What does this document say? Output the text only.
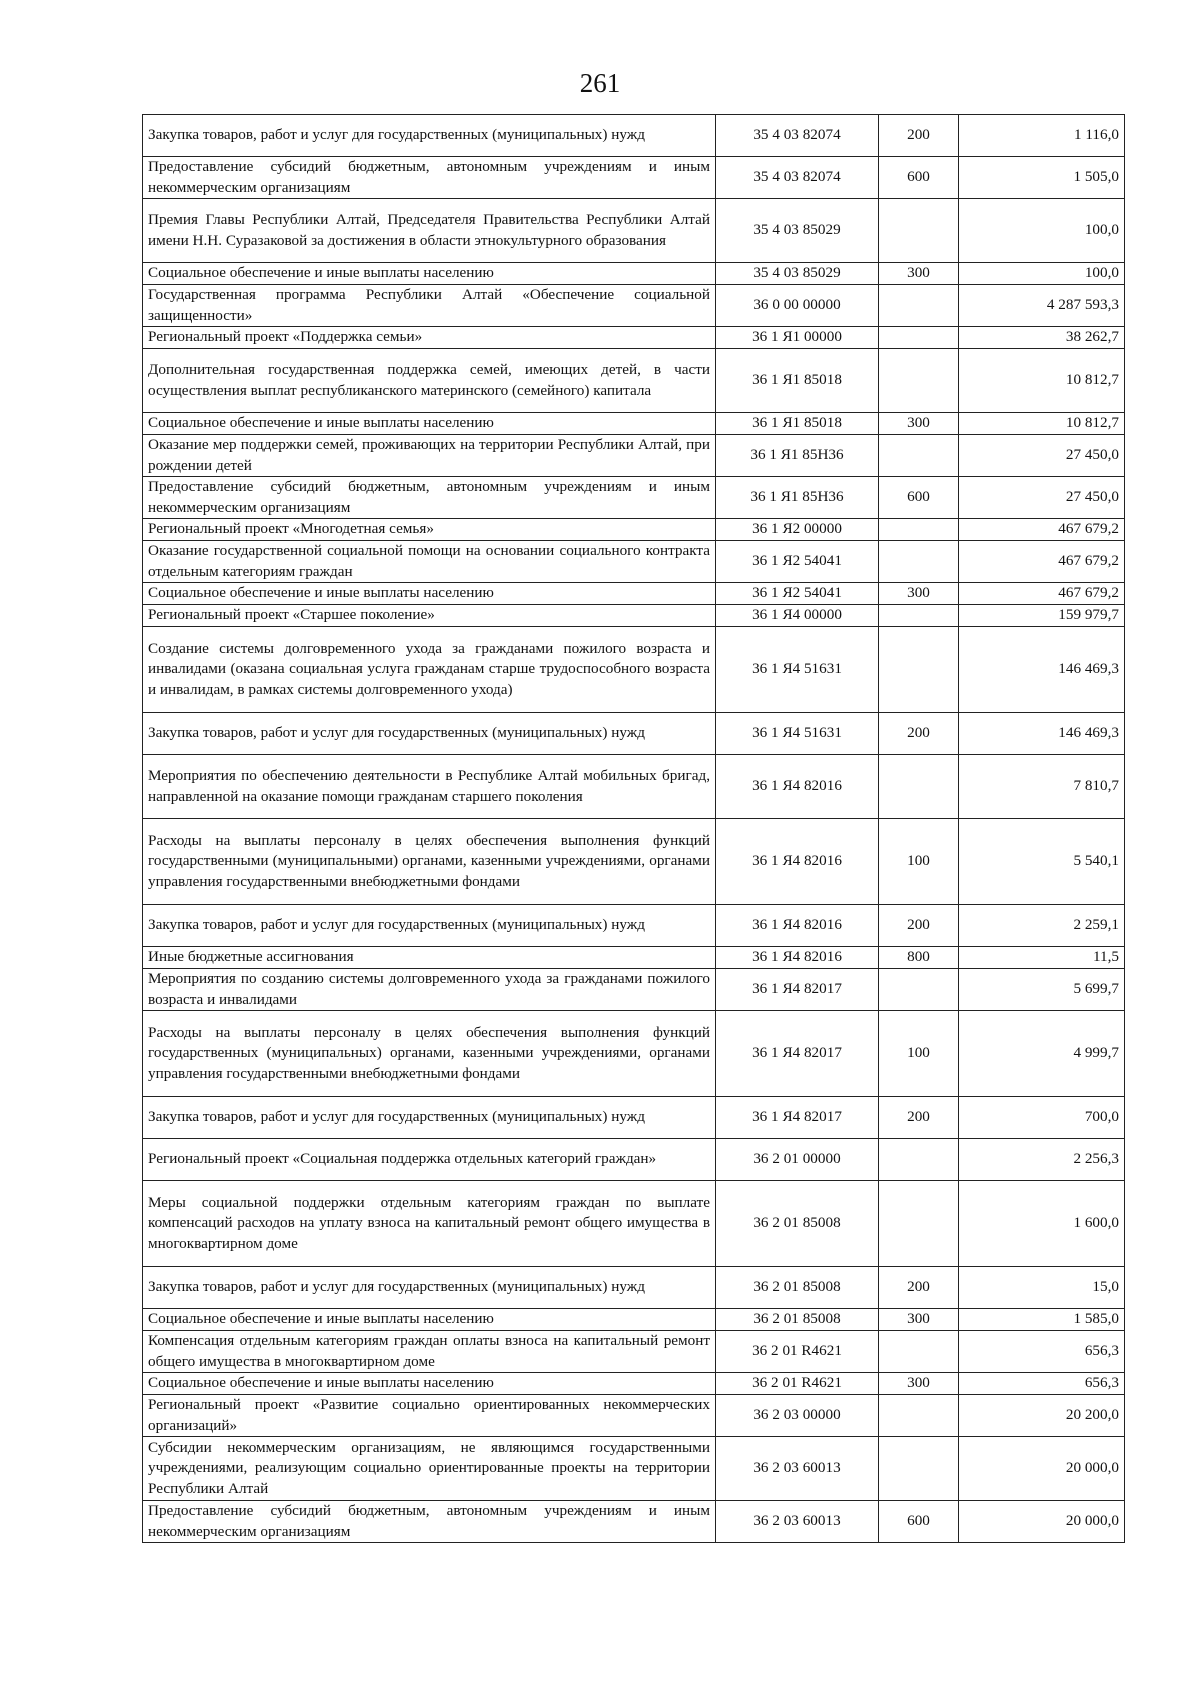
261
Закупка товаров, работ и услуг для государственных (муниципальных) нужд	35 4 03 82074	200	1 116,0
Предоставление субсидий бюджетным, автономным учреждениям и иным некоммерческим организациям	35 4 03 82074	600	1 505,0
Премия Главы Республики Алтай, Председателя Правительства Республики Алтай имени Н.Н. Суразаковой за достижения в области этнокультурного образования	35 4 03 85029		100,0
Социальное обеспечение и иные выплаты населению	35 4 03 85029	300	100,0
Государственная программа Республики Алтай «Обеспечение социальной защищенности»	36 0 00 00000		4 287 593,3
Региональный проект «Поддержка семьи»	36 1 Я1 00000		38 262,7
Дополнительная государственная поддержка семей, имеющих детей, в части осуществления выплат республиканского материнского (семейного) капитала	36 1 Я1 85018		10 812,7
Социальное обеспечение и иные выплаты населению	36 1 Я1 85018	300	10 812,7
Оказание мер поддержки семей, проживающих на территории Республики Алтай, при рождении детей	36 1 Я1 85Н36		27 450,0
Предоставление субсидий бюджетным, автономным учреждениям и иным некоммерческим организациям	36 1 Я1 85Н36	600	27 450,0
Региональный проект «Многодетная семья»	36 1 Я2 00000		467 679,2
Оказание государственной социальной помощи на основании социального контракта отдельным категориям граждан	36 1 Я2 54041		467 679,2
Социальное обеспечение и иные выплаты населению	36 1 Я2 54041	300	467 679,2
Региональный проект «Старшее поколение»	36 1 Я4 00000		159 979,7
Создание системы долговременного ухода за гражданами пожилого возраста и инвалидами (оказана социальная услуга гражданам старше трудоспособного возраста и инвалидам, в рамках системы долговременного ухода)	36 1 Я4 51631		146 469,3
Закупка товаров, работ и услуг для государственных (муниципальных) нужд	36 1 Я4 51631	200	146 469,3
Мероприятия по обеспечению деятельности в Республике Алтай мобильных бригад, направленной на оказание помощи гражданам старшего поколения	36 1 Я4 82016		7 810,7
Расходы на выплаты персоналу в целях обеспечения выполнения функций государственными (муниципальными) органами, казенными учреждениями, органами управления государственными внебюджетными фондами	36 1 Я4 82016	100	5 540,1
Закупка товаров, работ и услуг для государственных (муниципальных) нужд	36 1 Я4 82016	200	2 259,1
Иные бюджетные ассигнования	36 1 Я4 82016	800	11,5
Мероприятия по созданию системы долговременного ухода за гражданами пожилого возраста и инвалидами	36 1 Я4 82017		5 699,7
Расходы на выплаты персоналу в целях обеспечения выполнения функций государственных (муниципальных) органами, казенными учреждениями, органами управления государственными внебюджетными фондами	36 1 Я4 82017	100	4 999,7
Закупка товаров, работ и услуг для государственных (муниципальных) нужд	36 1 Я4 82017	200	700,0
Региональный проект «Социальная поддержка отдельных категорий граждан»	36 2 01 00000		2 256,3
Меры социальной поддержки отдельным категориям граждан по выплате компенсаций расходов на уплату взноса на капитальный ремонт общего имущества в многоквартирном доме	36 2 01 85008		1 600,0
Закупка товаров, работ и услуг для государственных (муниципальных) нужд	36 2 01 85008	200	15,0
Социальное обеспечение и иные выплаты населению	36 2 01 85008	300	1 585,0
Компенсация отдельным категориям граждан оплаты взноса на капитальный ремонт общего имущества в многоквартирном доме	36 2 01 R4621		656,3
Социальное обеспечение и иные выплаты населению	36 2 01 R4621	300	656,3
Региональный проект «Развитие социально ориентированных некоммерческих организаций»	36 2 03 00000		20 200,0
Субсидии некоммерческим организациям, не являющимся государственными учреждениями, реализующим социально ориентированные проекты на территории Республики Алтай	36 2 03 60013		20 000,0
Предоставление субсидий бюджетным, автономным учреждениям и иным некоммерческим организациям	36 2 03 60013	600	20 000,0
